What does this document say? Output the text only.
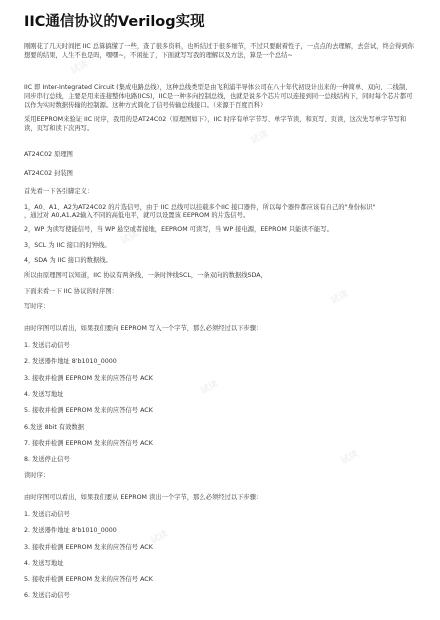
试读
试读
试读
试读
试读
试读
试读
IIC通信协议的Verilog实现

刚刚花了几天时间把 IIC 总算搞懂了一些，查了很多资料，也听结过于很多细节，不过只要耐着性子，一点点的去理解，去尝试，终会得到你想要的结果，人生不也是吗，嘿嘿~，不闲扯了，下面就写写我的理解以及方法，算是一个总结~

IIC 即 Inter-Integrated Circuit (集成电路总线），这种总线类型是由飞利浦半导体公司在八十年代初设计出来的一种简单、双向、二线制、同步串行总线，主要是用来连接整体电路(ICS)，IIC是一种多向控制总线，也就是说多个芯片可以连接到同一总线结构下，同时每个芯片都可以作为实时数据传输的控制源。这种方式简化了信号传输总线接口。（来源于百度百科）

采用EEPROM来验证 IIC 时序，我用的是AT24C02（原理图如下），IIC 时序有单字节写、单字节读，和页写、页读，这次先写单字节写和读，页写和读下次再写。

AT24C02 原理图
AT24C02 封装图
首先看一下各引脚定义：
1，A0、A1、A2为AT24C02 的片选信号，由于 IIC 总线可以挂载多个IIC 接口器件，所以每个器件都应该有自己的"身份标识"
，通过对 A0,A1,A2输入不同的高低电平，就可以设置该 EEPROM 的片选信号。
2，WP 为读写使能信号，当 WP 悬空或者接地，EEPROM 可读写，当 WP 接电源，EEPROM 只能读不能写。
3，SCL 为 IIC 接口的时钟线。
4，SDA 为 IIC 接口的数据线。
所以由原理图可以知道，IIC 协议有两条线，一条时钟线SCL，一条双向的数据线SDA，
下面来看一下 IIC 协议的时序图：
写时序：
由时序图可以看出，如果我们要向 EEPROM 写入一个字节，那么必须经过以下步骤：
1. 发送启动信号
2. 发送器件地址 8'b1010_0000
3. 接收并检测 EEPROM 发来的应答信号 ACK
4. 发送写地址
5. 接收并检测 EEPROM 发来的应答信号 ACK
6.发送 8bit 有效数据
7. 接收并检测 EEPROM 发来的应答信号 ACK
8. 发送停止信号
读时序：
由时序图可以看出，如果我们要从 EEPROM 读出一个字节，那么必须经过以下步骤：
1. 发送启动信号
2. 发送器件地址 8'b1010_0000
3. 接收并检测 EEPROM 发来的应答信号 ACK
4. 发送写地址
5. 接收并检测 EEPROM 发来的应答信号 ACK
6. 发送启动信号
